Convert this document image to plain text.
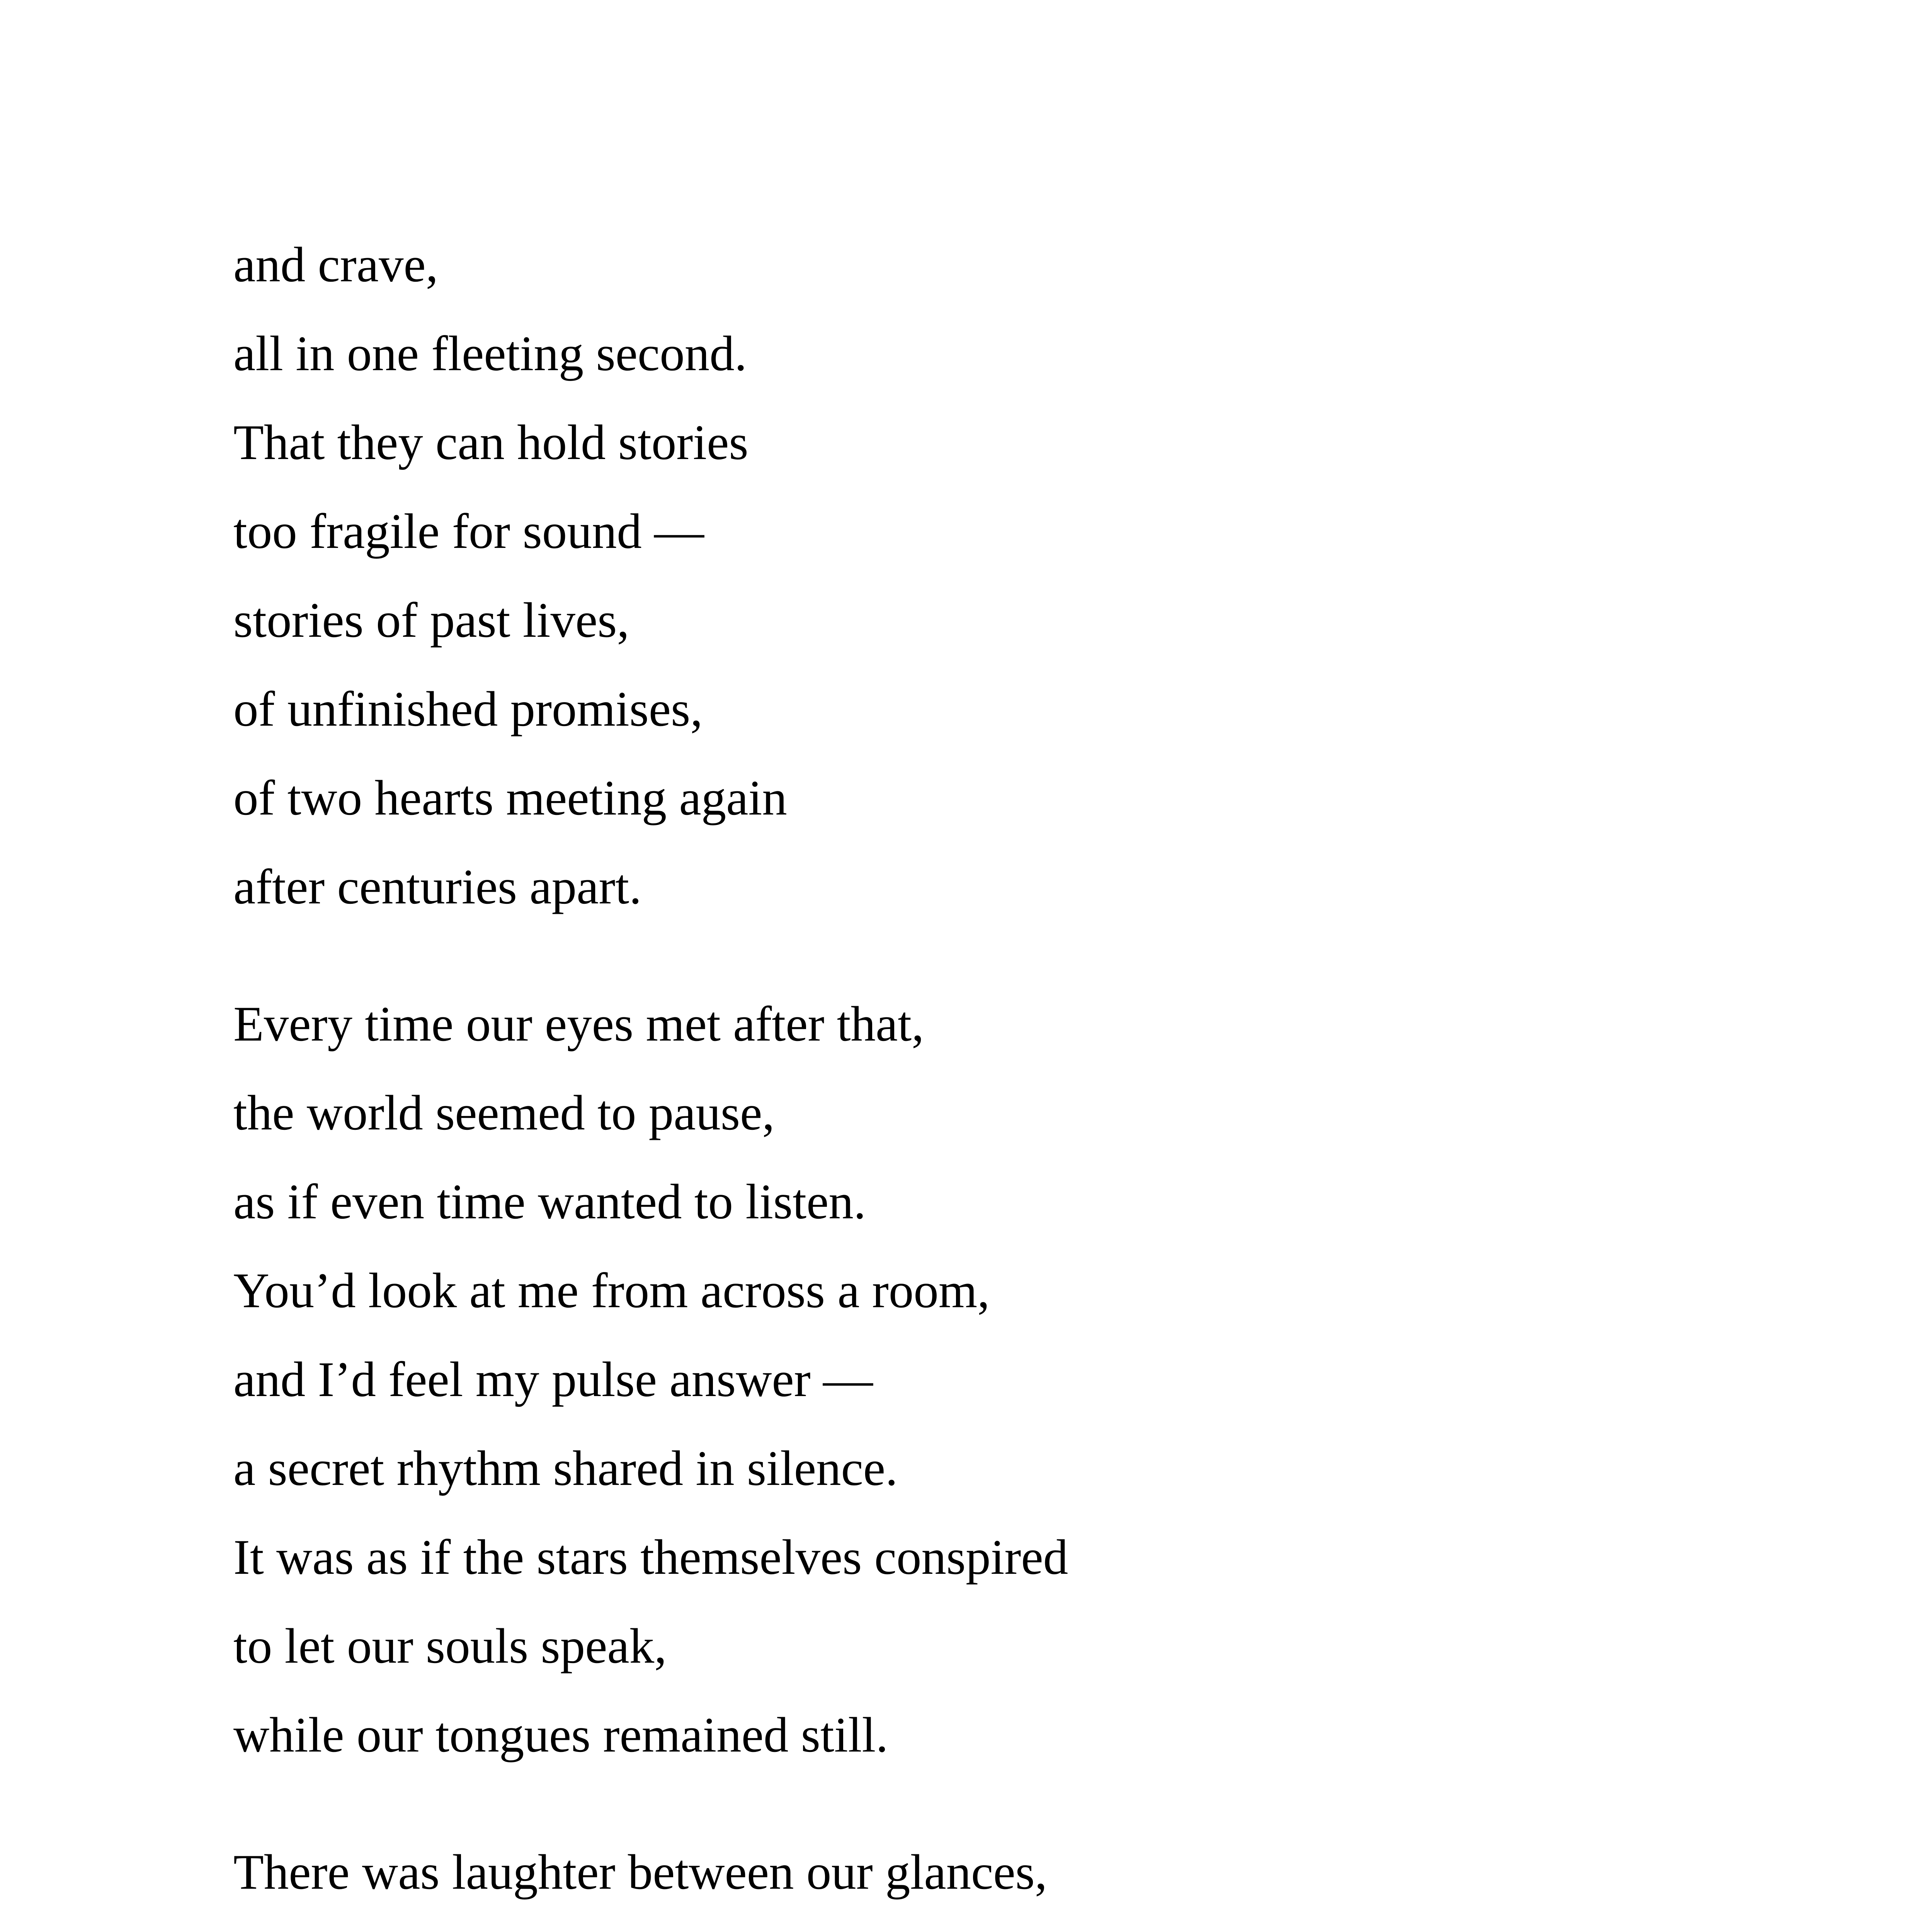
and crave,
all in one fleeting second.
That they can hold stories
too fragile for sound —
stories of past lives,
of unfinished promises,
of two hearts meeting again
after centuries apart.
Every time our eyes met after that,
the world seemed to pause,
as if even time wanted to listen.
You’d look at me from across a room,
and I’d feel my pulse answer —
a secret rhythm shared in silence.
It was as if the stars themselves conspired
to let our souls speak,
while our tongues remained still.
There was laughter between our glances,
